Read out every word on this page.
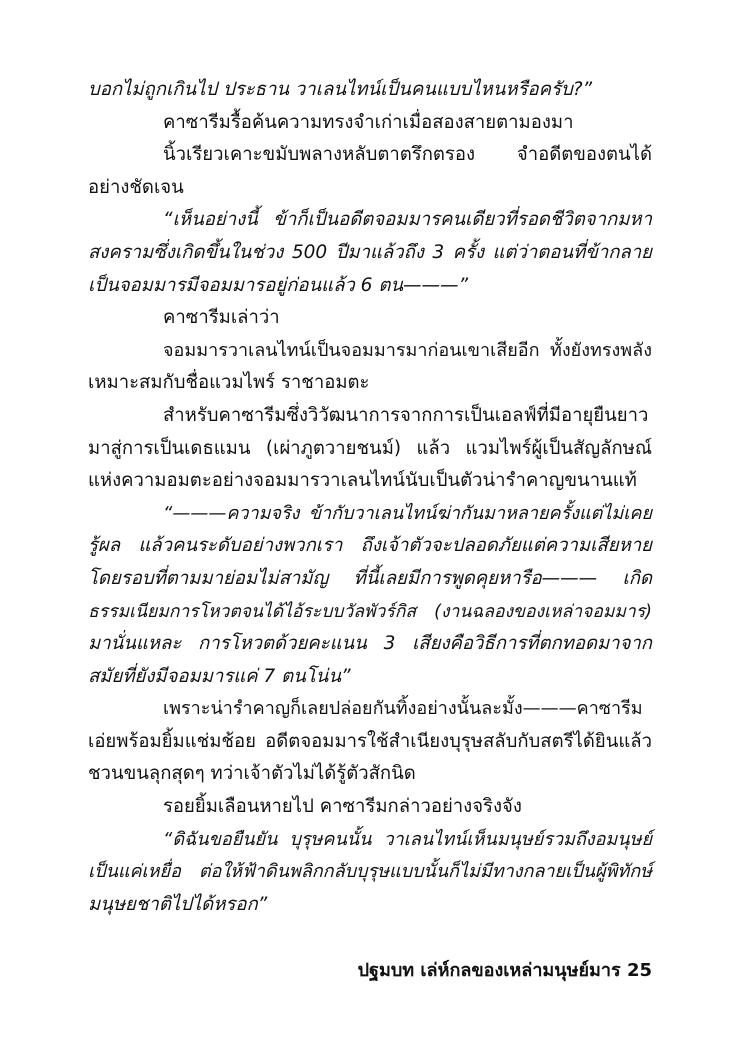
บอกไม่ถูกเกินไป ประธาน วาเลนไทน์เป็นคนแบบไหนหรือครับ?”
คาซารีมรื้อค้นความทรงจำเก่าเมื่อสองสายตามองมา
นิ้วเรียวเคาะขมับพลางหลับตาตรึกตรอง จำอดีตของตนได้
อย่างชัดเจน
“เห็นอย่างนี้ ข้าก็เป็นอดีตจอมมารคนเดียวที่รอดชีวิตจากมหา
สงครามซึ่งเกิดขึ้นในช่วง 500 ปีมาแล้วถึง 3 ครั้ง แต่ว่าตอนที่ข้ากลาย
เป็นจอมมารมีจอมมารอยู่ก่อนแล้ว 6 ตน———”
คาซารีมเล่าว่า
จอมมารวาเลนไทน์เป็นจอมมารมาก่อนเขาเสียอีก ทั้งยังทรงพลัง
เหมาะสมกับชื่อแวมไพร์ ราชาอมตะ
สำหรับคาซารีมซึ่งวิวัฒนาการจากการเป็นเอลฟ์ที่มีอายุยืนยาว
มาสู่การเป็นเดธแมน (เผ่าภูตวายชนม์) แล้ว แวมไพร์ผู้เป็นสัญลักษณ์
แห่งความอมตะอย่างจอมมารวาเลนไทน์นับเป็นตัวน่ารำคาญขนานแท้
“———ความจริง ข้ากับวาเลนไทน์ฆ่ากันมาหลายครั้งแต่ไม่เคย
รู้ผล แล้วคนระดับอย่างพวกเรา ถึงเจ้าตัวจะปลอดภัยแต่ความเสียหาย
โดยรอบที่ตามมาย่อมไม่สามัญ ที่นี้เลยมีการพูดคุยหารือ——— เกิด
ธรรมเนียมการโหวตจนได้ไอ้ระบบวัลพัวร์กิส (งานฉลองของเหล่าจอมมาร)
มานั่นแหละ การโหวตด้วยคะแนน 3 เสียงคือวิธีการที่ตกทอดมาจาก
สมัยที่ยังมีจอมมารแค่ 7 ตนโน่น”
เพราะน่ารำคาญก็เลยปล่อยกันทิ้งอย่างนั้นละมั้ง———คาซารีม
เอ่ยพร้อมยิ้มแช่มช้อย อดีตจอมมารใช้สำเนียงบุรุษสลับกับสตรีได้ยินแล้ว
ชวนขนลุกสุดๆ ทว่าเจ้าตัวไม่ได้รู้ตัวสักนิด
รอยยิ้มเลือนหายไป คาซารีมกล่าวอย่างจริงจัง
“ดิฉันขอยืนยัน บุรุษคนนั้น วาเลนไทน์เห็นมนุษย์รวมถึงอมนุษย์
เป็นแค่เหยื่อ ต่อให้ฟ้าดินพลิกกลับบุรุษแบบนั้นก็ไม่มีทางกลายเป็นผู้พิทักษ์
มนุษยชาติไปได้หรอก”
ปฐมบท เล่ห์กลของเหล่ามนุษย์มาร 25
